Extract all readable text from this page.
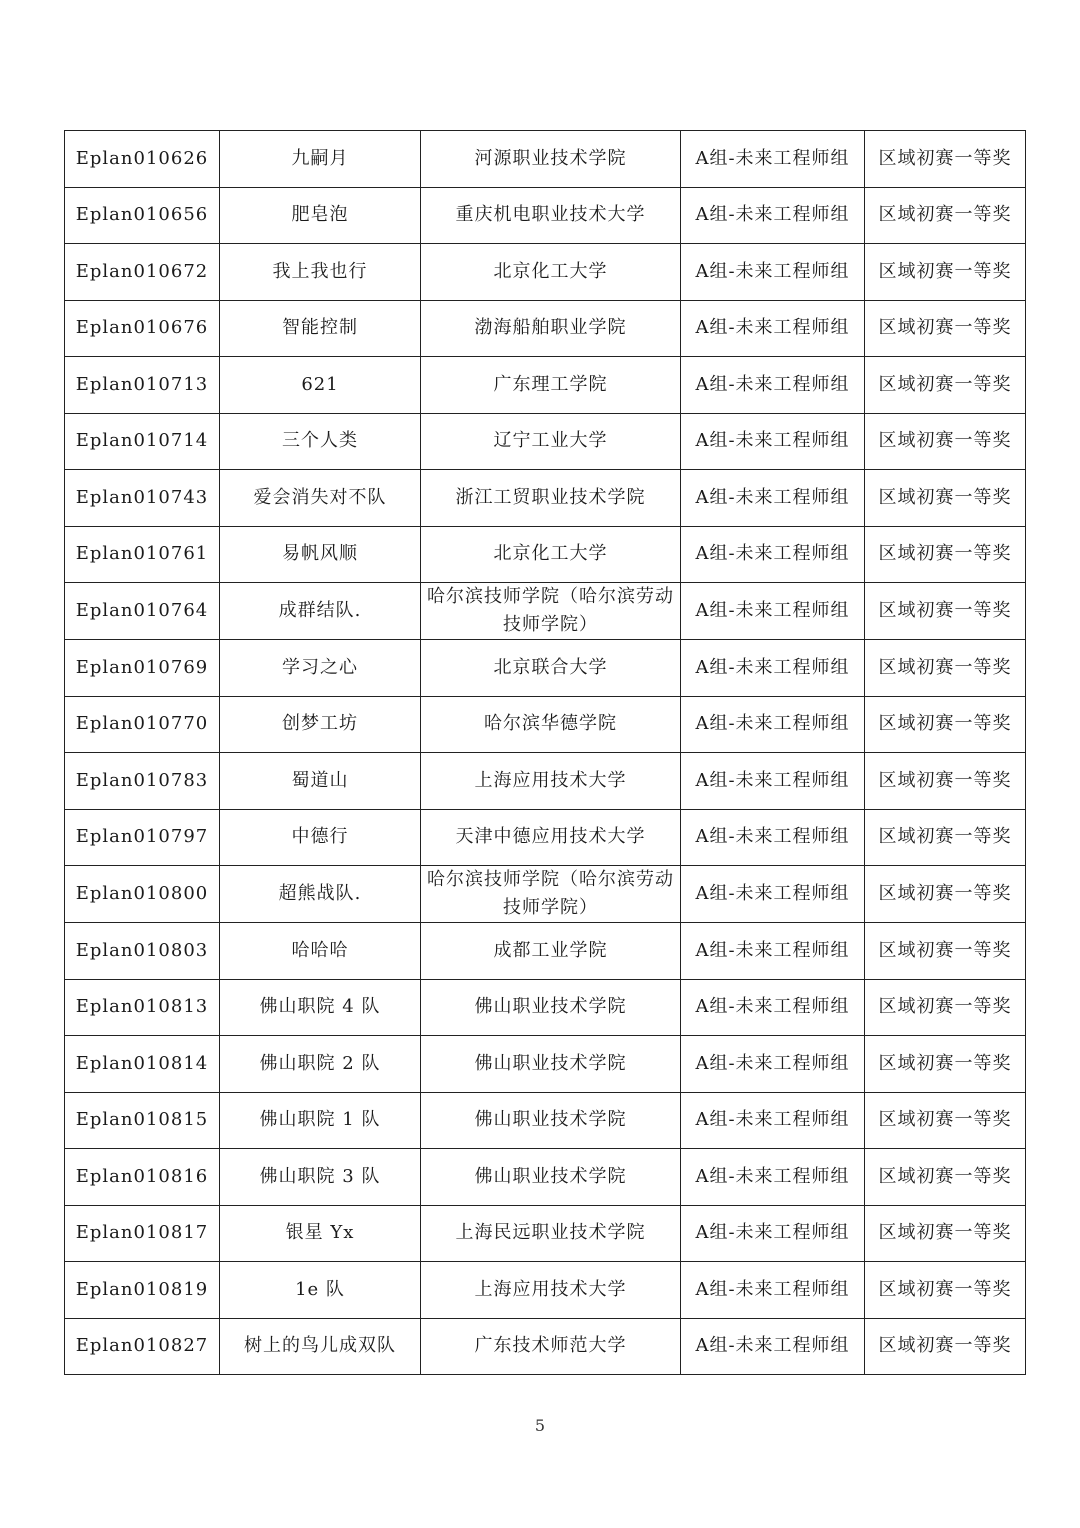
Eplan010626	九嗣月	河源职业技术学院	A组-未来工程师组	区域初赛一等奖
Eplan010656	肥皂泡	重庆机电职业技术大学	A组-未来工程师组	区域初赛一等奖
Eplan010672	我上我也行	北京化工大学	A组-未来工程师组	区域初赛一等奖
Eplan010676	智能控制	渤海船舶职业学院	A组-未来工程师组	区域初赛一等奖
Eplan010713	621	广东理工学院	A组-未来工程师组	区域初赛一等奖
Eplan010714	三个人类	辽宁工业大学	A组-未来工程师组	区域初赛一等奖
Eplan010743	爱会消失对不队	浙江工贸职业技术学院	A组-未来工程师组	区域初赛一等奖
Eplan010761	易帆风顺	北京化工大学	A组-未来工程师组	区域初赛一等奖
Eplan010764	成群结队.	哈尔滨技师学院（哈尔滨劳动技师学院）	A组-未来工程师组	区域初赛一等奖
Eplan010769	学习之心	北京联合大学	A组-未来工程师组	区域初赛一等奖
Eplan010770	创梦工坊	哈尔滨华德学院	A组-未来工程师组	区域初赛一等奖
Eplan010783	蜀道山	上海应用技术大学	A组-未来工程师组	区域初赛一等奖
Eplan010797	中德行	天津中德应用技术大学	A组-未来工程师组	区域初赛一等奖
Eplan010800	超熊战队.	哈尔滨技师学院（哈尔滨劳动技师学院）	A组-未来工程师组	区域初赛一等奖
Eplan010803	哈哈哈	成都工业学院	A组-未来工程师组	区域初赛一等奖
Eplan010813	佛山职院 4 队	佛山职业技术学院	A组-未来工程师组	区域初赛一等奖
Eplan010814	佛山职院 2 队	佛山职业技术学院	A组-未来工程师组	区域初赛一等奖
Eplan010815	佛山职院 1 队	佛山职业技术学院	A组-未来工程师组	区域初赛一等奖
Eplan010816	佛山职院 3 队	佛山职业技术学院	A组-未来工程师组	区域初赛一等奖
Eplan010817	银星 Yx	上海民远职业技术学院	A组-未来工程师组	区域初赛一等奖
Eplan010819	1e 队	上海应用技术大学	A组-未来工程师组	区域初赛一等奖
Eplan010827	树上的鸟儿成双队	广东技术师范大学	A组-未来工程师组	区域初赛一等奖
5
